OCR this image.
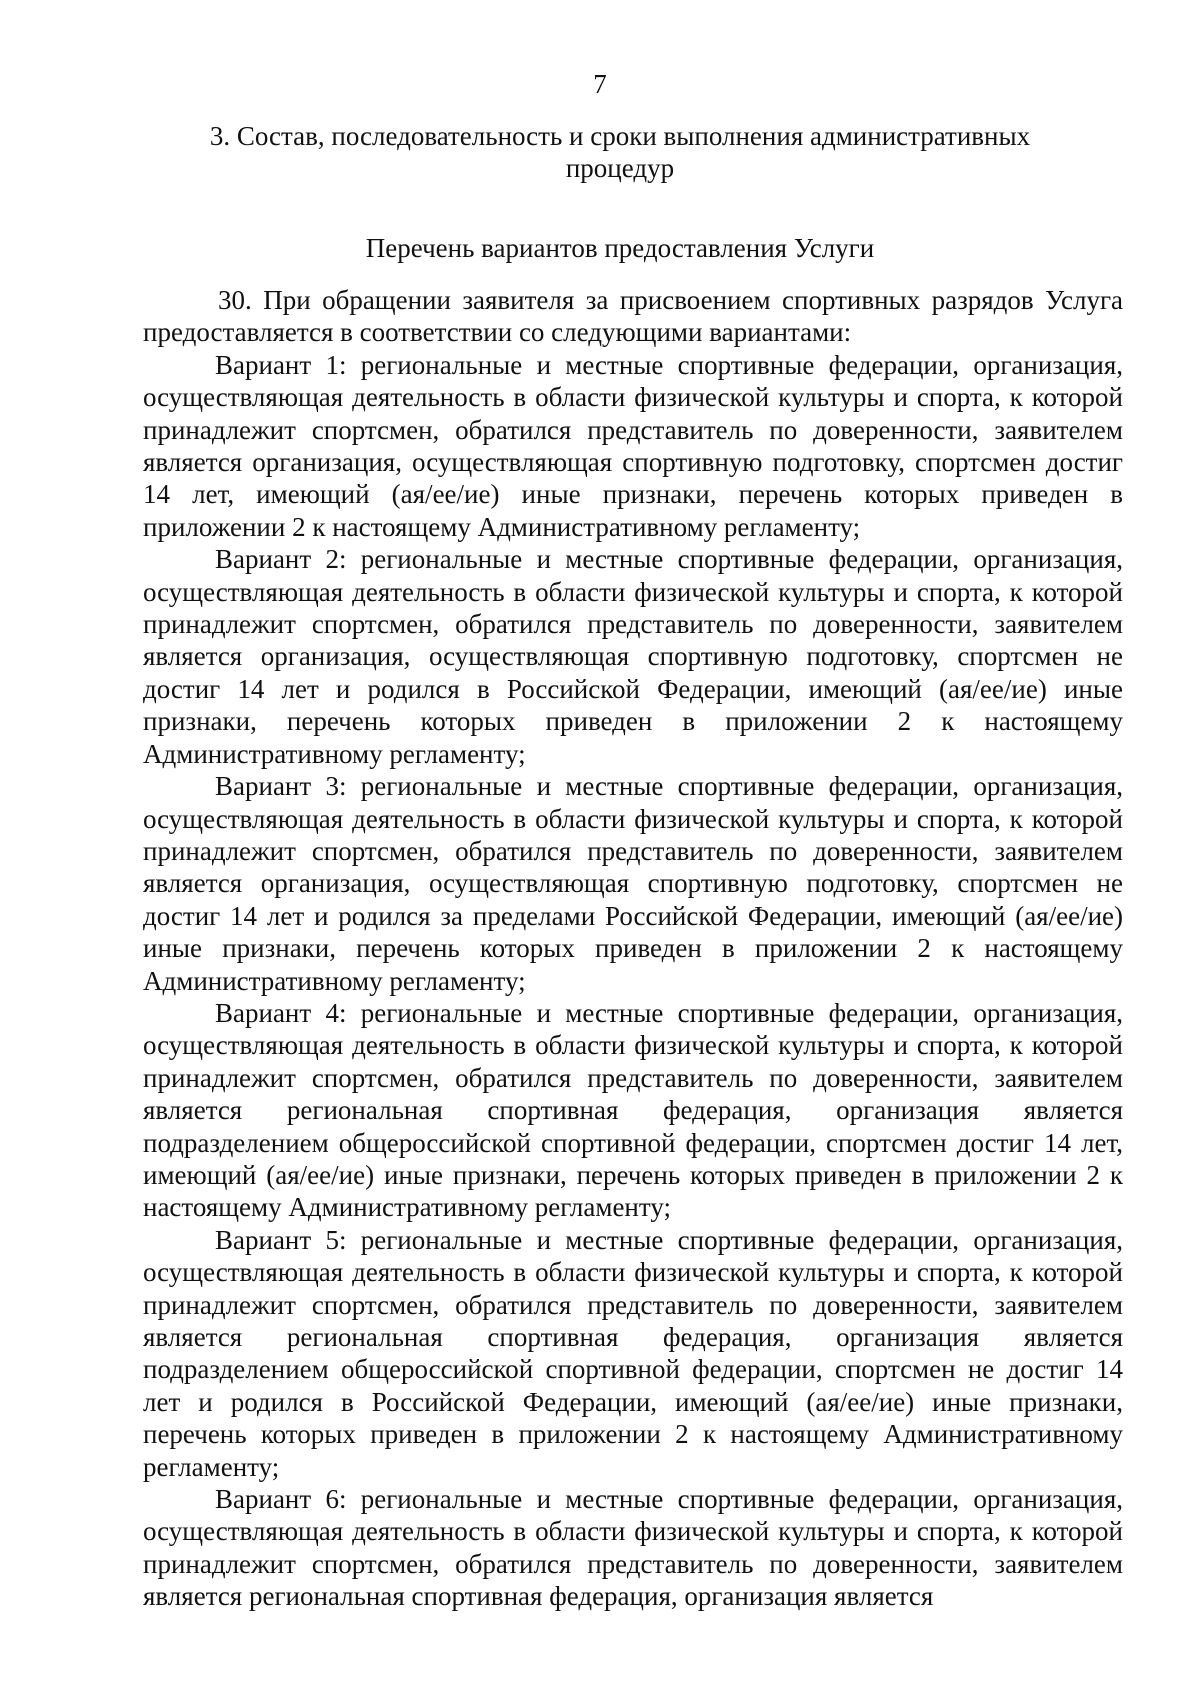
7
3. Состав, последовательность и сроки выполнения административных процедур
Перечень вариантов предоставления Услуги

30. При обращении заявителя за присвоением спортивных разрядов Услуга предоставляется в соответствии со следующими вариантами:

Вариант 1: региональные и местные спортивные федерации, организация, осуществляющая деятельность в области физической культуры и спорта, к которой принадлежит спортсмен, обратился представитель по доверенности, заявителем является организация, осуществляющая спортивную подготовку, спортсмен достиг 14 лет, имеющий (ая/ее/ие) иные признаки, перечень которых приведен в приложении 2 к настоящему Административному регламенту;

Вариант 2: региональные и местные спортивные федерации, организация, осуществляющая деятельность в области физической культуры и спорта, к которой принадлежит спортсмен, обратился представитель по доверенности, заявителем является организация, осуществляющая спортивную подготовку, спортсмен не достиг 14 лет и родился в Российской Федерации, имеющий (ая/ее/ие) иные признаки, перечень которых приведен в приложении 2 к настоящему Административному регламенту;

Вариант 3: региональные и местные спортивные федерации, организация, осуществляющая деятельность в области физической культуры и спорта, к которой принадлежит спортсмен, обратился представитель по доверенности, заявителем является организация, осуществляющая спортивную подготовку, спортсмен не достиг 14 лет и родился за пределами Российской Федерации, имеющий (ая/ее/ие) иные признаки, перечень которых приведен в приложении 2 к настоящему Административному регламенту;

Вариант 4: региональные и местные спортивные федерации, организация, осуществляющая деятельность в области физической культуры и спорта, к которой принадлежит спортсмен, обратился представитель по доверенности, заявителем является региональная спортивная федерация, организация является подразделением общероссийской спортивной федерации, спортсмен достиг 14 лет, имеющий (ая/ее/ие) иные признаки, перечень которых приведен в приложении 2 к настоящему Административному регламенту;

Вариант 5: региональные и местные спортивные федерации, организация, осуществляющая деятельность в области физической культуры и спорта, к которой принадлежит спортсмен, обратился представитель по доверенности, заявителем является региональная спортивная федерация, организация является подразделением общероссийской спортивной федерации, спортсмен не достиг 14 лет и родился в Российской Федерации, имеющий (ая/ее/ие) иные признаки, перечень которых приведен в приложении 2 к настоящему Административному регламенту;

Вариант 6: региональные и местные спортивные федерации, организация, осуществляющая деятельность в области физической культуры и спорта, к которой принадлежит спортсмен, обратился представитель по доверенности, заявителем является региональная спортивная федерация, организация является
